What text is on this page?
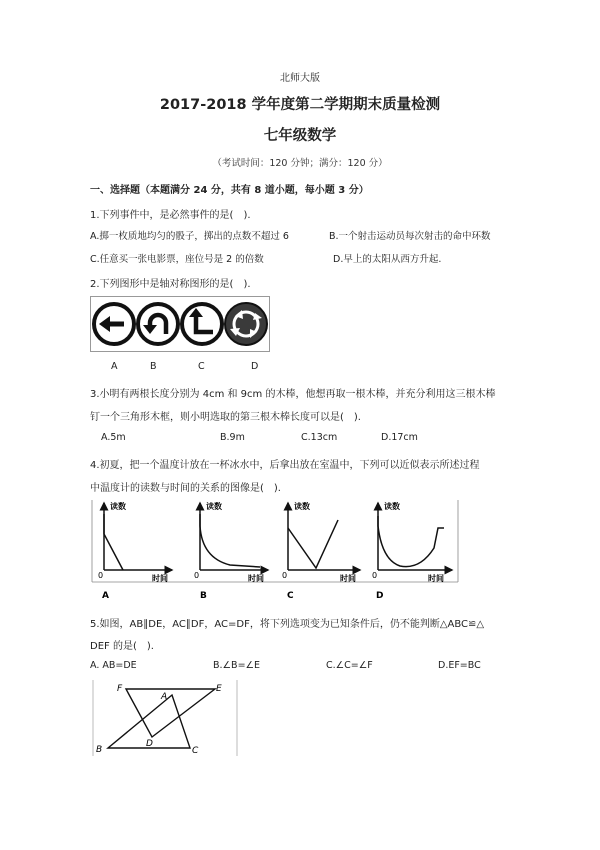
北师大版
2017-2018 学年度第二学期期末质量检测
七年级数学
（考试时间：120 分钟；满分：120 分）
一、选择题（本题满分 24 分，共有 8 道小题，每小题 3 分）
1.下列事件中，是必然事件的是(　).
A.掷一枚质地均匀的骰子，掷出的点数不超过 6	B.一个射击运动员每次射击的命中环数
C.任意买一张电影票，座位号是 2 的倍数	D.早上的太阳从西方升起.
2.下列图形中是轴对称图形的是(　).
A	B	C	D
3.小明有两根长度分别为 4cm 和 9cm 的木棒，他想再取一根木棒，并充分利用这三根木棒
钉一个三角形木框，则小明选取的第三根木棒长度可以是(　).
A.5m	B.9m	C.13cm	D.17cm
4.初夏，把一个温度计放在一杯冰水中，后拿出放在室温中，下列可以近似表示所述过程
中温度计的读数与时间的关系的图像是(　).
读数
时间
0
A
读数
时间
0
B
读数
时间
0
C
读数
时间
0
D
5.如图，AB∥DE，AC∥DF，AC=DF，将下列选项变为已知条件后，仍不能判断△ABC≌△
DEF 的是(　).
A. AB=DE	B.∠B=∠E	C.∠C=∠F	D.EF=BC
F
A
E
D
B	C
